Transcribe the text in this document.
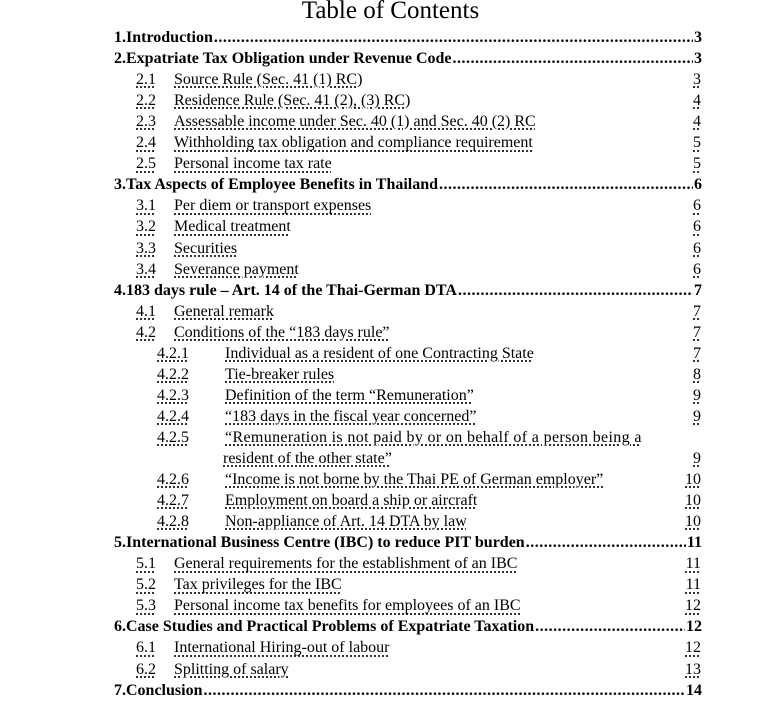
Table of Contents
1. Introduction .....	3
2. Expatriate Tax Obligation under Revenue Code .....	3
2.1	Source Rule (Sec. 41 (1) RC)	3
2.2	Residence Rule (Sec. 41 (2), (3) RC)	4
2.3	Assessable income under Sec. 40 (1) and Sec. 40 (2) RC	4
2.4	Withholding tax obligation and compliance requirement	5
2.5	Personal income tax rate	5
3. Tax Aspects of Employee Benefits in Thailand .....	6
3.1	Per diem or transport expenses	6
3.2	Medical treatment	6
3.3	Securities	6
3.4	Severance payment	6
4. 183 days rule – Art. 14 of the Thai-German DTA .....	7
4.1	General remark	7
4.2	Conditions of the “183 days rule”	7
4.2.1	Individual as a resident of one Contracting State	7
4.2.2	Tie-breaker rules	8
4.2.3	Definition of the term “Remuneration”	9
4.2.4	“183 days in the fiscal year concerned”	9
4.2.5	“Remuneration is not paid by or on behalf of a person being a
resident of the other state”	9
4.2.6	“Income is not borne by the Thai PE of German employer”	10
4.2.7	Employment on board a ship or aircraft	10
4.2.8	Non-appliance of Art. 14 DTA by law	10
5. International Business Centre (IBC) to reduce PIT burden .....	11
5.1	General requirements for the establishment of an IBC	11
5.2	Tax privileges for the IBC	11
5.3	Personal income tax benefits for employees of an IBC	12
6. Case Studies and Practical Problems of Expatriate Taxation .....	12
6.1	International Hiring-out of labour	12
6.2	Splitting of salary	13
7. Conclusion .....	14
